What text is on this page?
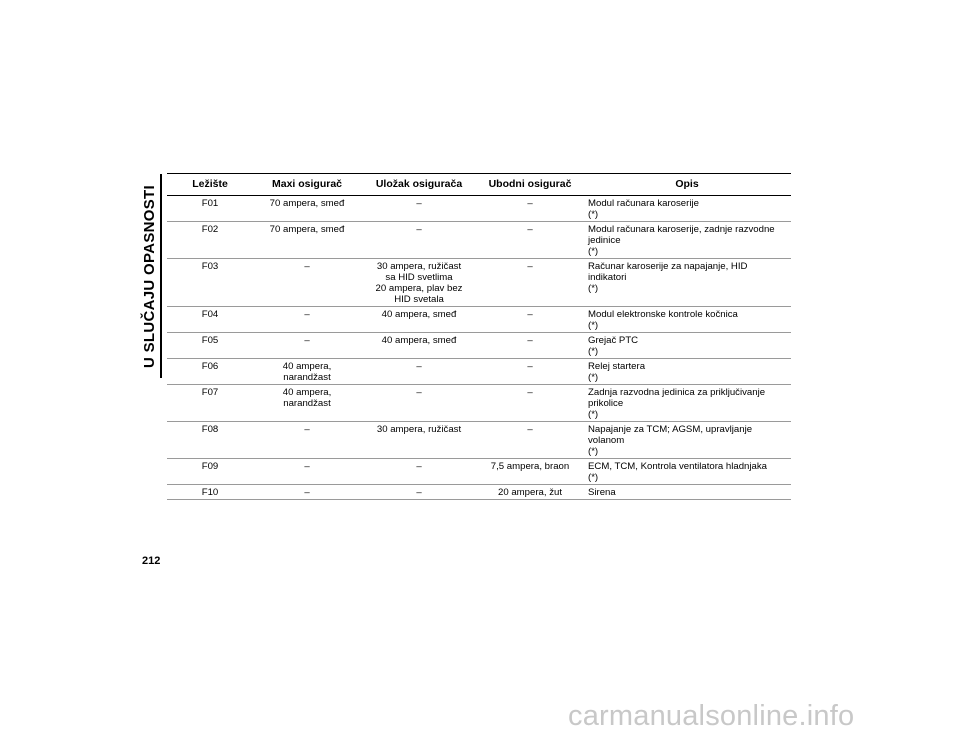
U SLUČAJU OPASNOSTI
Ležište	Maxi osigurač	Uložak osigurača	Ubodni osigurač	Opis
F01	70 ampera, smeđ	–	–	Modul računara karoserije
(*)

F02	70 ampera, smeđ	–	–	Modul računara karoserije, zadnje razvodne
jedinice
(*)

F03	–	30 ampera, ružičast
sa HID svetlima
20 ampera, plav bez
HID svetala	–	Računar karoserije za napajanje, HID
indikatori
(*)

F04	–	40 ampera, smeđ	–	Modul elektronske kontrole kočnica
(*)

F05	–	40 ampera, smeđ	–	Grejač PTC
(*)

F06	40 ampera,
narandžast	–	–	Relej startera
(*)

F07	40 ampera,
narandžast	–	–	Zadnja razvodna jedinica za priključivanje
prikolice
(*)

F08	–	30 ampera, ružičast	–	Napajanje za TCM; AGSM, upravljanje
volanom
(*)

F09	–	–	7,5 ampera, braon	ECM, TCM, Kontrola ventilatora hladnjaka
(*)

F10	–	–	20 ampera, žut	Sirena
212
carmanualsonline.info
